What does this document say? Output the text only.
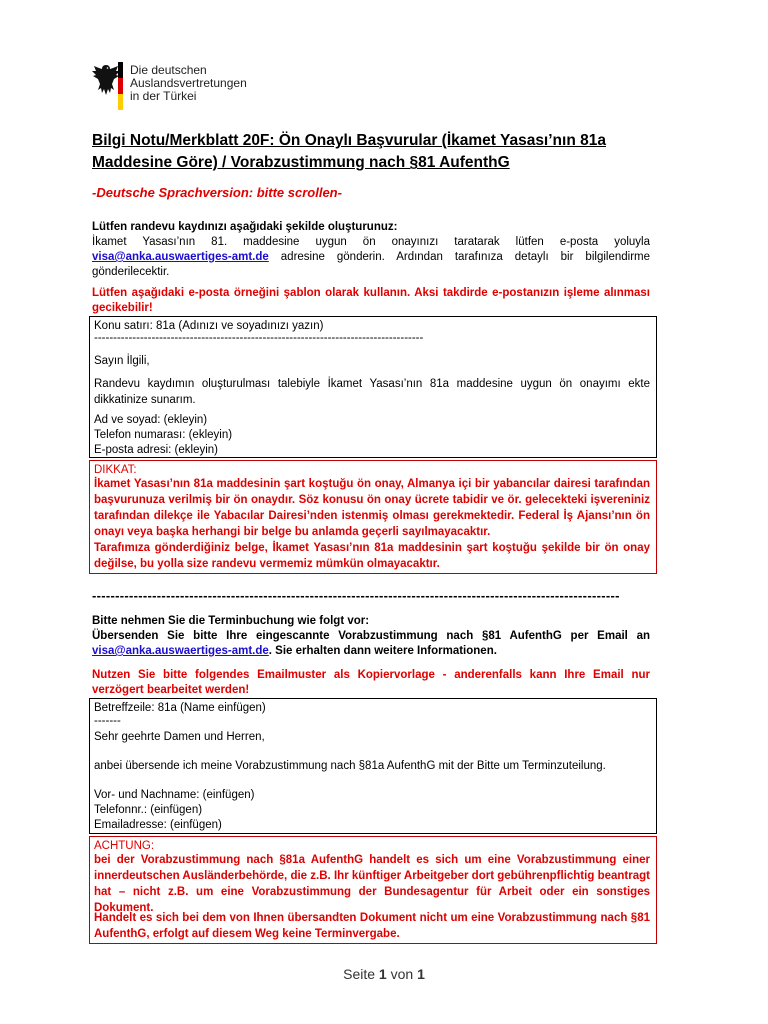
Die deutschen
Auslandsvertretungen
in der Türkei
Bilgi Notu/Merkblatt 20F: Ön Onaylı Başvurular (İkamet Yasası’nın 81a Maddesine Göre) / Vorabzustimmung nach §81 AufenthG
-Deutsche Sprachversion: bitte scrollen-
Lütfen randevu kaydınızı aşağıdaki şekilde oluşturunuz:
İkamet Yasası’nın 81. maddesine uygun ön onayınızı taratarak lütfen e-posta yoluyla visa@anka.auswaertiges-amt.de adresine gönderin. Ardından tarafınıza detaylı bir bilgilendirme gönderilecektir.
Lütfen aşağıdaki e-posta örneğini şablon olarak kullanın. Aksi takdirde e-postanızın işleme alınması gecikebilir!
Konu satırı: 81a (Adınızı ve soyadınızı yazın)
--------------------------------------------------------------------------------------
Sayın İlgili,
Randevu kaydımın oluşturulması talebiyle İkamet Yasası’nın 81a maddesine uygun ön onayımı ekte dikkatinize sunarım.
Ad ve soyad: (ekleyin)
Telefon numarası: (ekleyin)
E-posta adresi: (ekleyin)
DIKKAT:
İkamet Yasası’nın 81a maddesinin şart koştuğu ön onay, Almanya içi bir yabancılar dairesi tarafından başvurunuza verilmiş bir ön onaydır. Söz konusu ön onay ücrete tabidir ve ör. gelecekteki işvereniniz tarafından dilekçe ile Yabacılar Dairesi’nden istenmiş olması gerekmektedir. Federal İş Ajansı’nın ön onayı veya başka herhangi bir belge bu anlamda geçerli sayılmayacaktır.
Tarafımıza gönderdiğiniz belge, İkamet Yasası’nın 81a maddesinin şart koştuğu şekilde bir ön onay değilse, bu yolla size randevu vermemiz mümkün olmayacaktır.
------------------------------------------------------------------------------------------------------------------
Bitte nehmen Sie die Terminbuchung wie folgt vor:
Übersenden Sie bitte Ihre eingescannte Vorabzustimmung nach §81 AufenthG per Email an visa@anka.auswaertiges-amt.de. Sie erhalten dann weitere Informationen.
Nutzen Sie bitte folgendes Emailmuster als Kopiervorlage - anderenfalls kann Ihre Email nur verzögert bearbeitet werden!
Betreffzeile: 81a (Name einfügen)
-------
Sehr geehrte Damen und Herren,
anbei übersende ich meine Vorabzustimmung nach §81a AufenthG mit der Bitte um Terminzuteilung.
Vor- und Nachname: (einfügen)
Telefonnr.: (einfügen)
Emailadresse: (einfügen)
ACHTUNG:
bei der Vorabzustimmung nach §81a AufenthG handelt es sich um eine Vorabzustimmung einer innerdeutschen Ausländerbehörde, die z.B. Ihr künftiger Arbeitgeber dort gebührenpflichtig beantragt hat – nicht z.B. um eine Vorabzustimmung der Bundesagentur für Arbeit oder ein sonstiges Dokument.
Handelt es sich bei dem von Ihnen übersandten Dokument nicht um eine Vorabzustimmung nach §81 AufenthG, erfolgt auf diesem Weg keine Terminvergabe.
Seite 1 von 1
